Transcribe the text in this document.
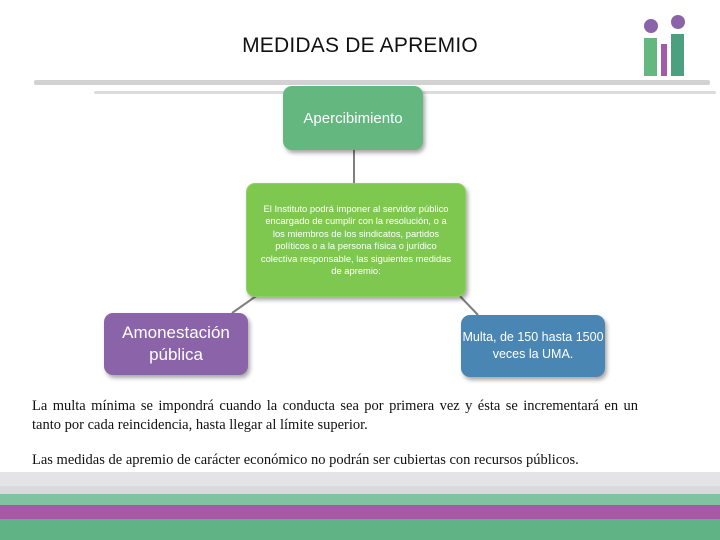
MEDIDAS DE APREMIO
Apercibimiento
El Instituto podrá imponer al servidor público encargado de cumplir con la resolución, o a los miembros de los sindicatos, partidos políticos o a la persona física o jurídico colectiva responsable, las siguientes medidas de apremio:
Amonestación pública
Multa, de 150 hasta 1500 veces la UMA.
La multa mínima se impondrá cuando la conducta sea por primera vez y ésta se incrementará en un tanto por cada reincidencia, hasta llegar al límite superior.
Las medidas de apremio de carácter económico no podrán ser cubiertas con recursos públicos.
